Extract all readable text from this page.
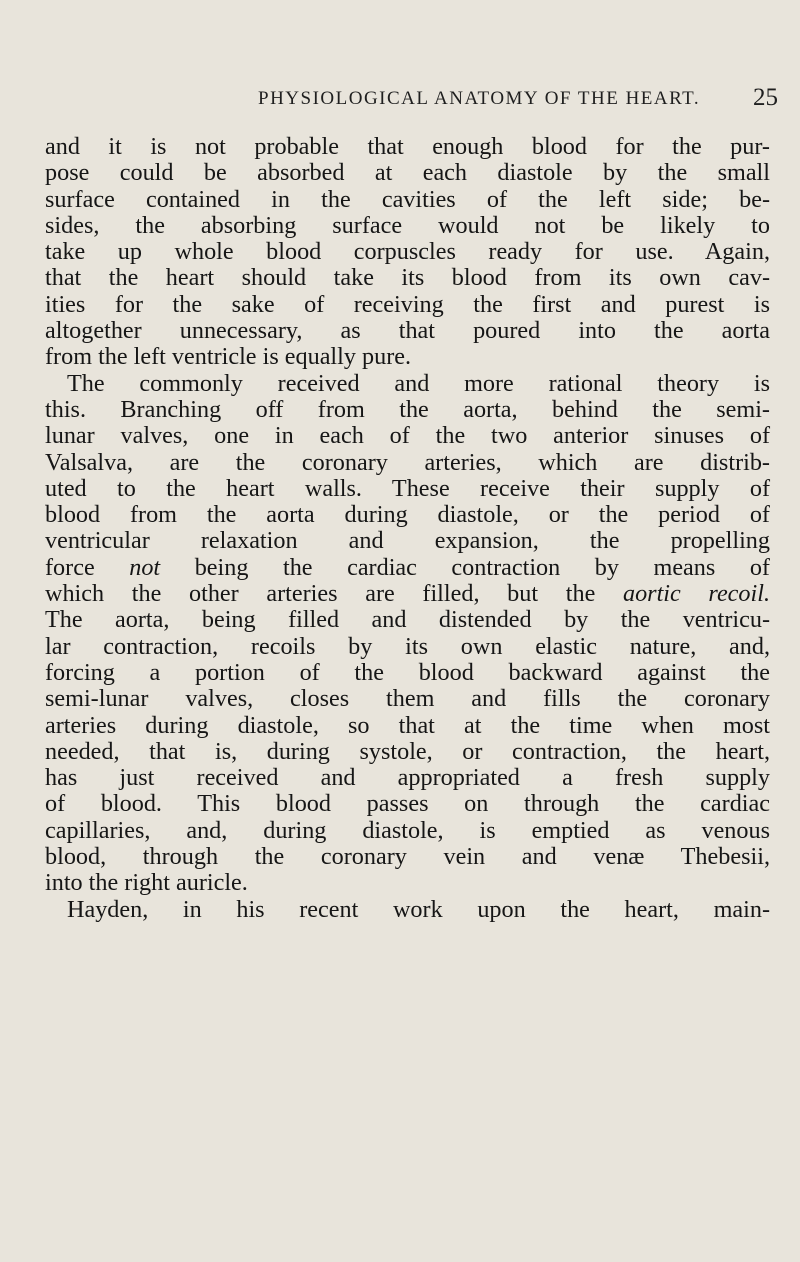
PHYSIOLOGICAL ANATOMY OF THE HEART. 25
and it is not probable that enough blood for the pur-
pose could be absorbed at each diastole by the small
surface contained in the cavities of the left side; be-
sides, the absorbing surface would not be likely to
take up whole blood corpuscles ready for use. Again,
that the heart should take its blood from its own cav-
ities for the sake of receiving the first and purest is
altogether unnecessary, as that poured into the aorta
from the left ventricle is equally pure.
The commonly received and more rational theory is
this. Branching off from the aorta, behind the semi-
lunar valves, one in each of the two anterior sinuses of
Valsalva, are the coronary arteries, which are distrib-
uted to the heart walls. These receive their supply of
blood from the aorta during diastole, or the period of
ventricular relaxation and expansion, the propelling
force not being the cardiac contraction by means of
which the other arteries are filled, but the aortic recoil.
The aorta, being filled and distended by the ventricu-
lar contraction, recoils by its own elastic nature, and,
forcing a portion of the blood backward against the
semi-lunar valves, closes them and fills the coronary
arteries during diastole, so that at the time when most
needed, that is, during systole, or contraction, the heart,
has just received and appropriated a fresh supply
of blood. This blood passes on through the cardiac
capillaries, and, during diastole, is emptied as venous
blood, through the coronary vein and venæ Thebesii,
into the right auricle.
Hayden, in his recent work upon the heart, main-
